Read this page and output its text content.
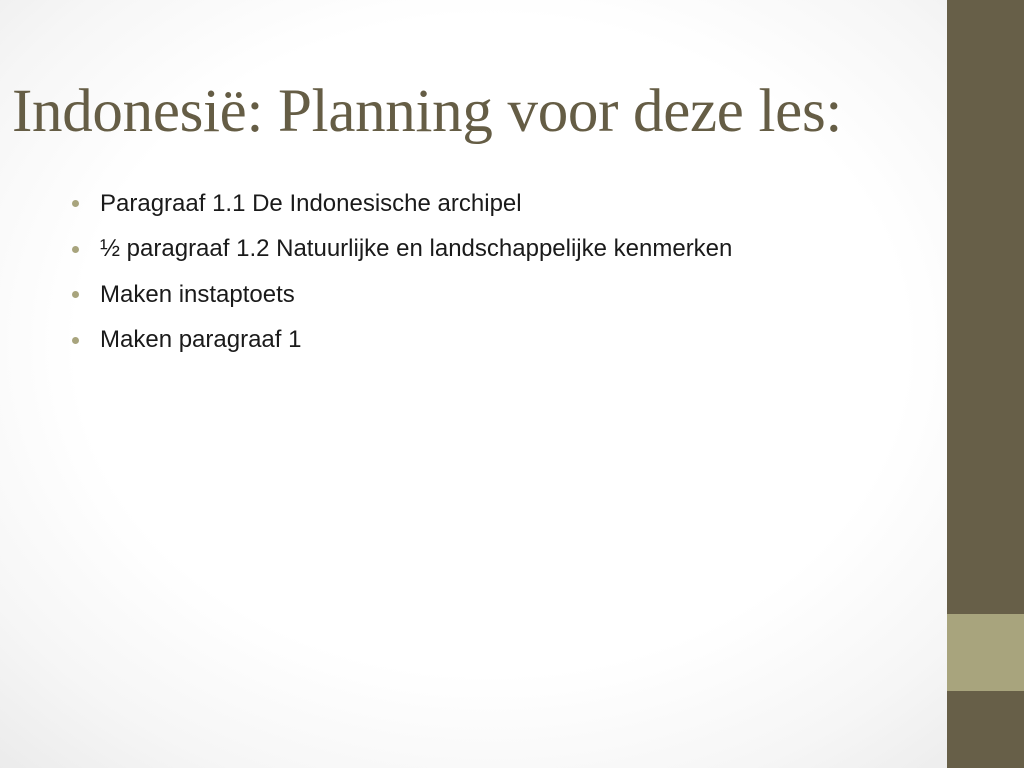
Indonesië: Planning voor deze les:
Paragraaf 1.1 De Indonesische archipel
½ paragraaf 1.2 Natuurlijke en landschappelijke kenmerken
Maken instaptoets
Maken paragraaf 1
